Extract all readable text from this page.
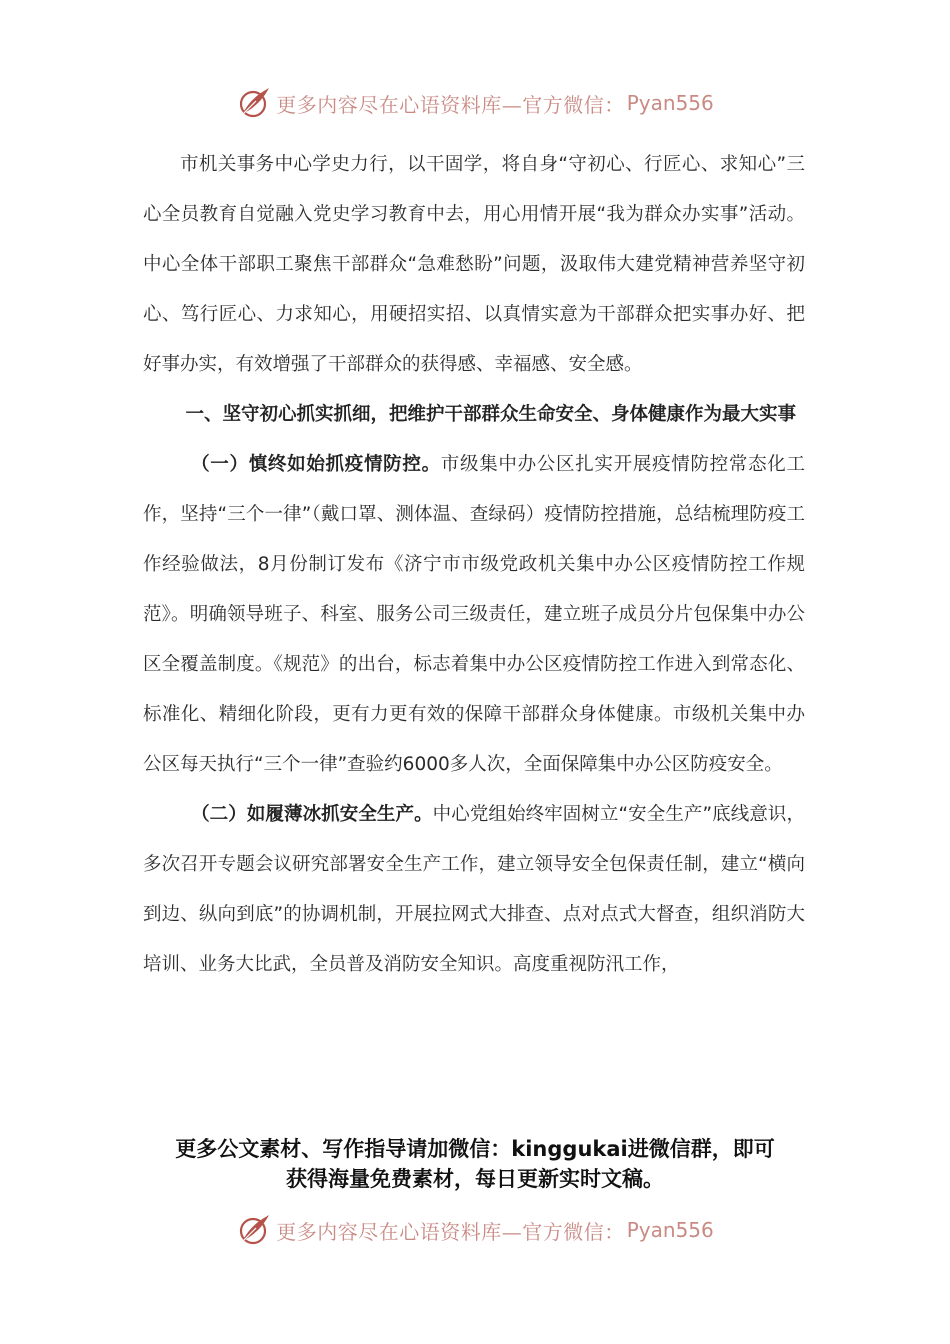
更多内容尽在心语资料库—官方微信： Pyan556

市机关事务中心学史力行，以干固学，将自身“守初心、行匠心、求知心”三心全员教育自觉融入党史学习教育中去，用心用情开展“我为群众办实事”活动。中心全体干部职工聚焦干部群众“急难愁盼”问题，汲取伟大建党精神营养坚守初心、笃行匠心、力求知心，用硬招实招、以真情实意为干部群众把实事办好、把好事办实，有效增强了干部群众的获得感、幸福感、安全感。

一、坚守初心抓实抓细，把维护干部群众生命安全、身体健康作为最大实事

（一）慎终如始抓疫情防控。市级集中办公区扎实开展疫情防控常态化工作，坚持“三个一律”（戴口罩、测体温、查绿码）疫情防控措施，总结梳理防疫工作经验做法，8月份制订发布《济宁市市级党政机关集中办公区疫情防控工作规范》。明确领导班子、科室、服务公司三级责任，建立班子成员分片包保集中办公区全覆盖制度。《规范》的出台，标志着集中办公区疫情防控工作进入到常态化、标准化、精细化阶段，更有力更有效的保障干部群众身体健康。市级机关集中办公区每天执行“三个一律”查验约6000多人次，全面保障集中办公区防疫安全。

（二）如履薄冰抓安全生产。中心党组始终牢固树立“安全生产”底线意识，多次召开专题会议研究部署安全生产工作，建立领导安全包保责任制，建立“横向到边、纵向到底”的协调机制，开展拉网式大排查、点对点式大督查，组织消防大培训、业务大比武，全员普及消防安全知识。高度重视防汛工作，

更多公文素材、写作指导请加微信：kinggukai进微信群，即可
获得海量免费素材，每日更新实时文稿。
更多内容尽在心语资料库—官方微信： Pyan556
